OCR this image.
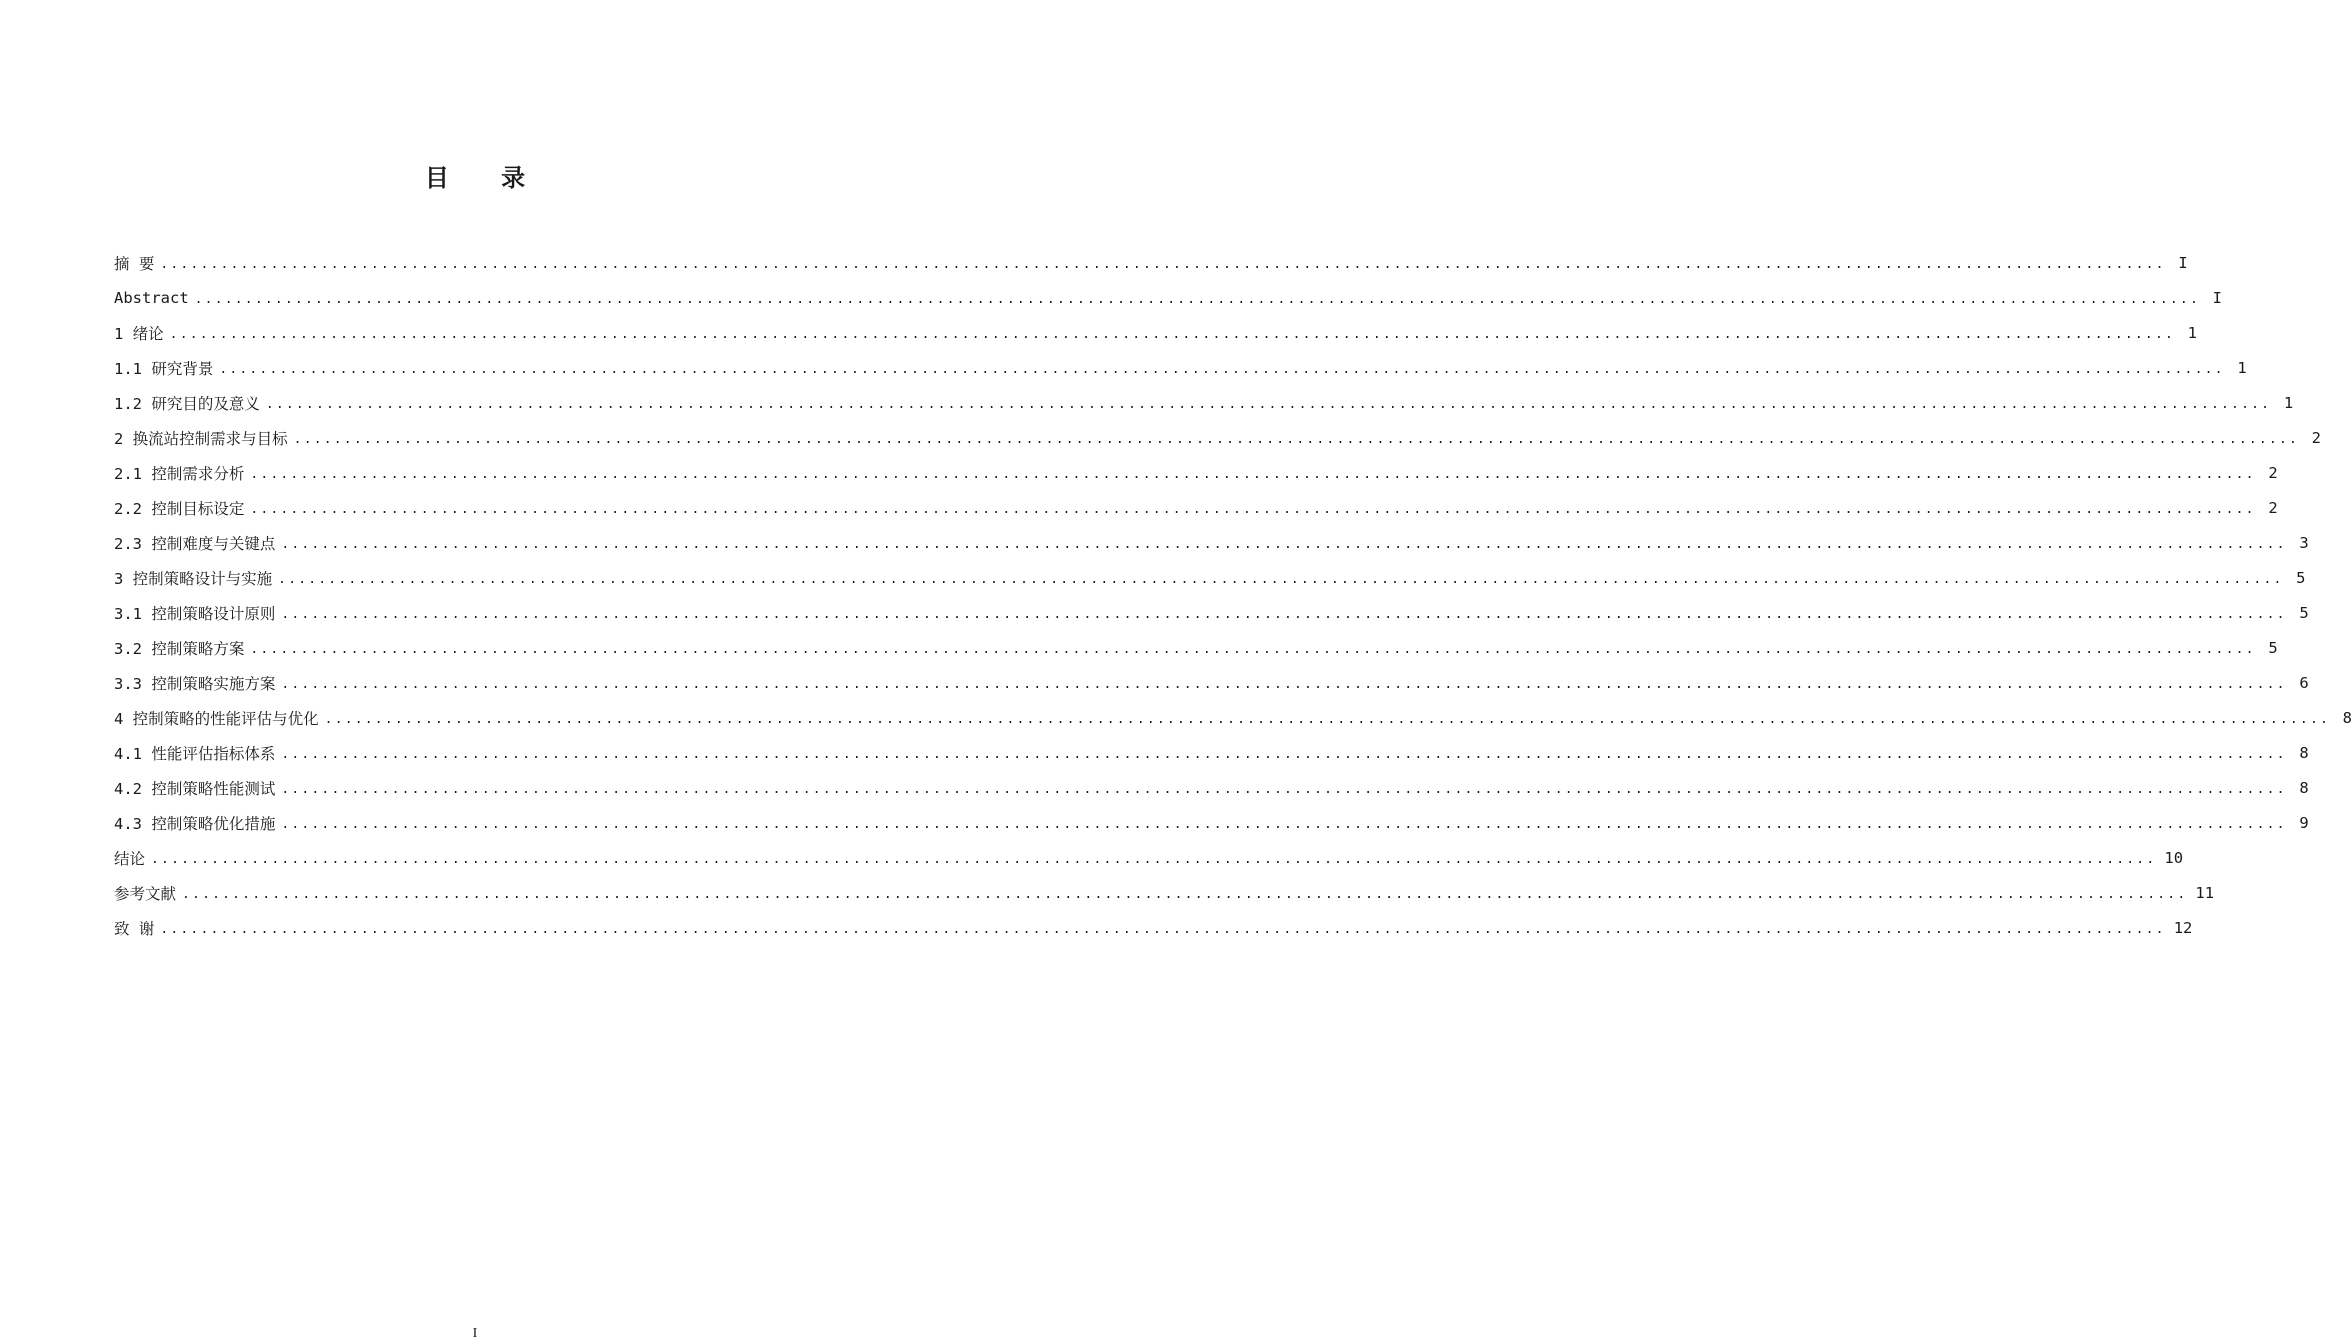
目 录
摘 要 ........................................................................................................................................................................................................ I
Abstract ........................................................................................................................................................................................................ I
1 绪论 ........................................................................................................................................................................................................ 1
1.1 研究背景 ........................................................................................................................................................................................................ 1
1.2 研究目的及意义 ........................................................................................................................................................................................................ 1
2 换流站控制需求与目标 ........................................................................................................................................................................................................ 2
2.1 控制需求分析 ........................................................................................................................................................................................................ 2
2.2 控制目标设定 ........................................................................................................................................................................................................ 2
2.3 控制难度与关键点 ........................................................................................................................................................................................................ 3
3 控制策略设计与实施 ........................................................................................................................................................................................................ 5
3.1 控制策略设计原则 ........................................................................................................................................................................................................ 5
3.2 控制策略方案 ........................................................................................................................................................................................................ 5
3.3 控制策略实施方案 ........................................................................................................................................................................................................ 6
4 控制策略的性能评估与优化 ........................................................................................................................................................................................................ 8
4.1 性能评估指标体系 ........................................................................................................................................................................................................ 8
4.2 控制策略性能测试 ........................................................................................................................................................................................................ 8
4.3 控制策略优化措施 ........................................................................................................................................................................................................ 9
结论 ........................................................................................................................................................................................................ 10
参考文献 ........................................................................................................................................................................................................ 11
致 谢 ........................................................................................................................................................................................................ 12
I
